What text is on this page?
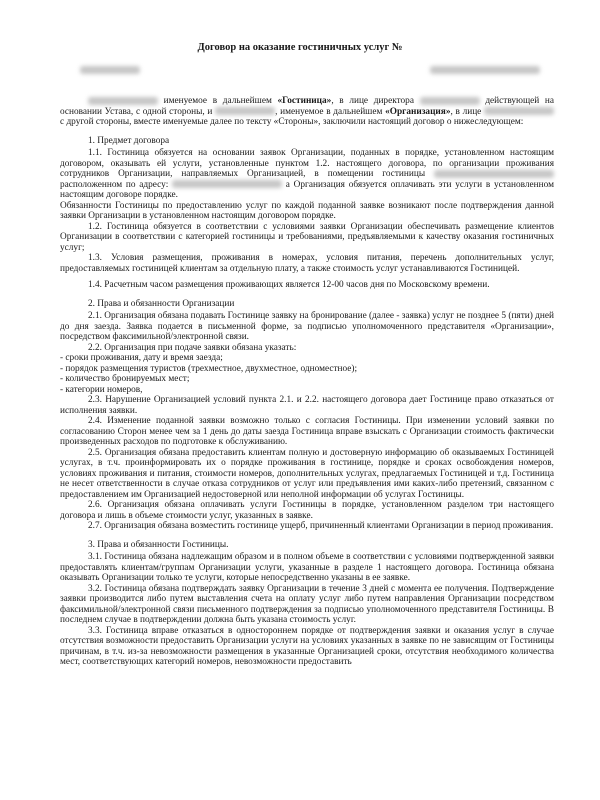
Договор на оказание гостиничных услуг №

именуемое в дальнейшем «Гостиница», в лице директора	действующей на основании Устава, с одной стороны, и	, именуемое в дальнейшем «Организация», в лице  с другой стороны, вместе именуемые далее по тексту «Стороны», заключили настоящий договор о нижеследующем:

1. Предмет договора

1.1. Гостиница обязуется на основании заявок Организации, поданных в порядке, установленном настоящим договором, оказывать ей услуги, установленные пунктом 1.2. настоящего договора, по организации проживания сотрудников Организации, направляемых Организацией, в помещении гостиницы  расположенном по адресу:	а Организация обязуется оплачивать эти услуги в установленном настоящим договоре порядке.

Обязанности Гостиницы по предоставлению услуг по каждой поданной заявке возникают после подтверждения данной заявки Организации в установленном настоящим договором порядке.

1.2. Гостиница обязуется в соответствии с условиями заявки Организации обеспечивать размещение клиентов Организации в соответствии с категорией гостиницы и требованиями, предъявляемыми к качеству оказания гостиничных услуг;

1.3. Условия размещения, проживания в номерах, условия питания, перечень дополнительных услуг, предоставляемых гостиницей клиентам за отдельную плату, а также стоимость услуг устанавливаются Гостиницей.

1.4. Расчетным часом размещения проживающих является 12-00 часов дня по Московскому времени.

2. Права и обязанности Организации

2.1. Организация обязана подавать Гостинице заявку на бронирование (далее - заявка) услуг не позднее 5 (пяти) дней до дня заезда. Заявка подается в письменной форме, за подписью уполномоченного представителя «Организации», посредством факсимильной/электронной связи.

2.2. Организация при подаче заявки обязана указать:

- сроки проживания, дату и время заезда;

- порядок размещения туристов (трехместное, двухместное, одноместное);

- количество бронируемых мест;

- категории номеров,

2.3. Нарушение Организацией условий пункта 2.1. и 2.2. настоящего договора дает Гостинице право отказаться от исполнения заявки.

2.4. Изменение поданной заявки возможно только с согласия Гостиницы. При изменении условий заявки по согласованию Сторон менее чем за 1 день до даты заезда Гостиница вправе взыскать с Организации стоимость фактически произведенных расходов по подготовке к обслуживанию.

2.5. Организация обязана предоставить клиентам полную и достоверную информацию об оказываемых Гостиницей услугах, в т.ч. проинформировать их о порядке проживания в гостинице, порядке и сроках освобождения номеров, условиях проживания и питания, стоимости номеров, дополнительных услугах, предлагаемых Гостиницей и т.д. Гостиница не несет ответственности в случае отказа сотрудников от услуг или предъявления ими каких-либо претензий, связанном с предоставлением им Организацией недостоверной или неполной информации об услугах Гостиницы.

2.6. Организация обязана оплачивать услуги Гостиницы в порядке, установленном разделом три настоящего договора и лишь в объеме стоимости услуг, указанных в заявке.

2.7. Организация обязана возместить гостинице ущерб, причиненный клиентами Организации в период проживания.

3. Права и обязанности Гостиницы.

3.1. Гостиница обязана надлежащим образом и в полном объеме в соответствии с условиями подтвержденной заявки предоставлять клиентам/группам Организации услуги, указанные в разделе 1 настоящего договора. Гостиница обязана оказывать Организации только те услуги, которые непосредственно указаны в ее заявке.

3.2. Гостиница обязана подтверждать заявку Организации в течение 3 дней с момента ее получения. Подтверждение заявки производится либо путем выставления счета на оплату услуг либо путем направления Организации посредством факсимильной/электронной связи письменного подтверждения за подписью уполномоченного представителя Гостиницы. В последнем случае в подтверждении должна быть указана стоимость услуг.

3.3. Гостиница вправе отказаться в одностороннем порядке от подтверждения заявки и оказания услуг в случае отсутствия возможности предоставить Организации услуги на условиях указанных в заявке по не зависящим от Гостиницы причинам, в т.ч. из-за невозможности размещения в указанные Организацией сроки, отсутствия необходимого количества мест, соответствующих категорий номеров, невозможности предоставить
